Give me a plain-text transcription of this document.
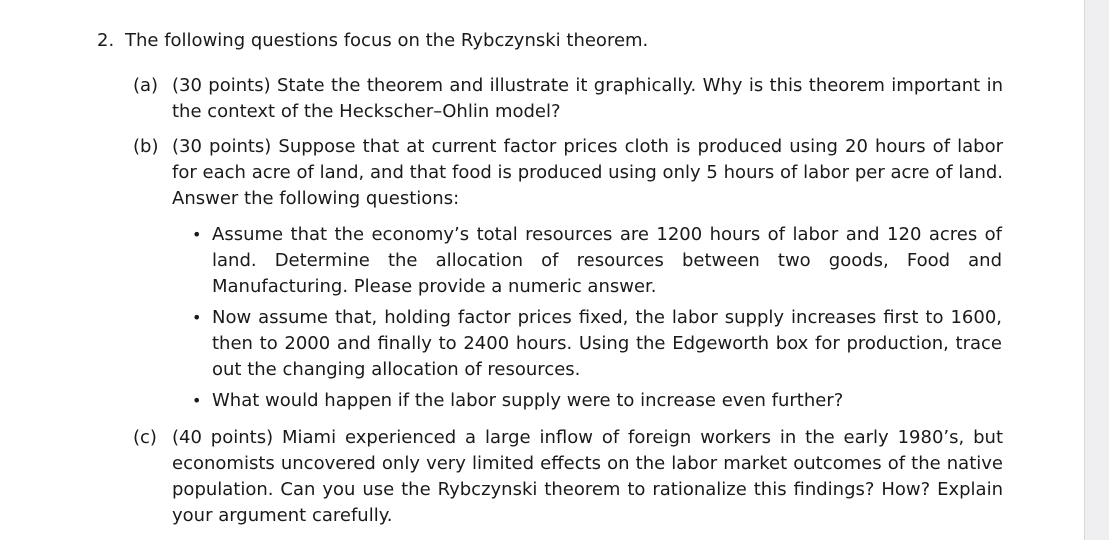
2. The following questions focus on the Rybczynski theorem.
(a) (30 points) State the theorem and illustrate it graphically. Why is this theorem important in the context of the Heckscher–Ohlin model?
(b) (30 points) Suppose that at current factor prices cloth is produced using 20 hours of labor for each acre of land, and that food is produced using only 5 hours of labor per acre of land. Answer the following questions:
• Assume that the economy’s total resources are 1200 hours of labor and 120 acres of land. Determine the allocation of resources between two goods, Food and Manufacturing. Please provide a numeric answer.
• Now assume that, holding factor prices fixed, the labor supply increases first to 1600, then to 2000 and finally to 2400 hours. Using the Edgeworth box for production, trace out the changing allocation of resources.
• What would happen if the labor supply were to increase even further?
(c) (40 points) Miami experienced a large inflow of foreign workers in the early 1980’s, but economists uncovered only very limited effects on the labor market outcomes of the native population. Can you use the Rybczynski theorem to rationalize this findings? How? Explain your argument carefully.
